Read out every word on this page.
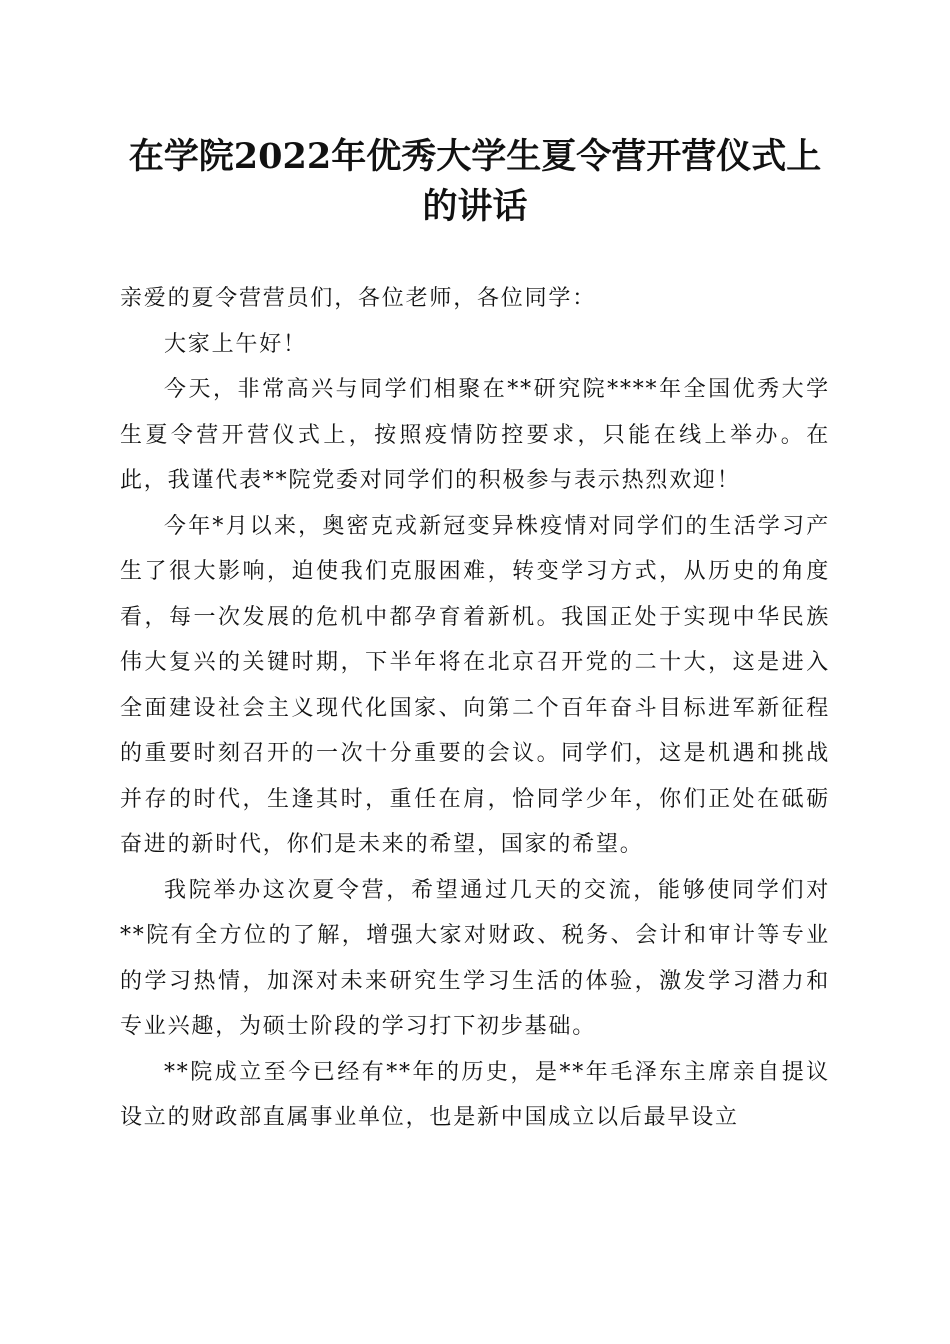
在学院2022年优秀大学生夏令营开营仪式上的讲话

亲爱的夏令营营员们，各位老师，各位同学：

大家上午好！

今天，非常高兴与同学们相聚在**研究院****年全国优秀大学生夏令营开营仪式上，按照疫情防控要求，只能在线上举办。在此，我谨代表**院党委对同学们的积极参与表示热烈欢迎！

今年*月以来，奥密克戎新冠变异株疫情对同学们的生活学习产生了很大影响，迫使我们克服困难，转变学习方式，从历史的角度看，每一次发展的危机中都孕育着新机。我国正处于实现中华民族伟大复兴的关键时期，下半年将在北京召开党的二十大，这是进入全面建设社会主义现代化国家、向第二个百年奋斗目标进军新征程的重要时刻召开的一次十分重要的会议。同学们，这是机遇和挑战并存的时代，生逢其时，重任在肩，恰同学少年，你们正处在砥砺奋进的新时代，你们是未来的希望，国家的希望。

我院举办这次夏令营，希望通过几天的交流，能够使同学们对**院有全方位的了解，增强大家对财政、税务、会计和审计等专业的学习热情，加深对未来研究生学习生活的体验，激发学习潜力和专业兴趣，为硕士阶段的学习打下初步基础。

**院成立至今已经有**年的历史，是**年毛泽东主席亲自提议设立的财政部直属事业单位，也是新中国成立以后最早设立
